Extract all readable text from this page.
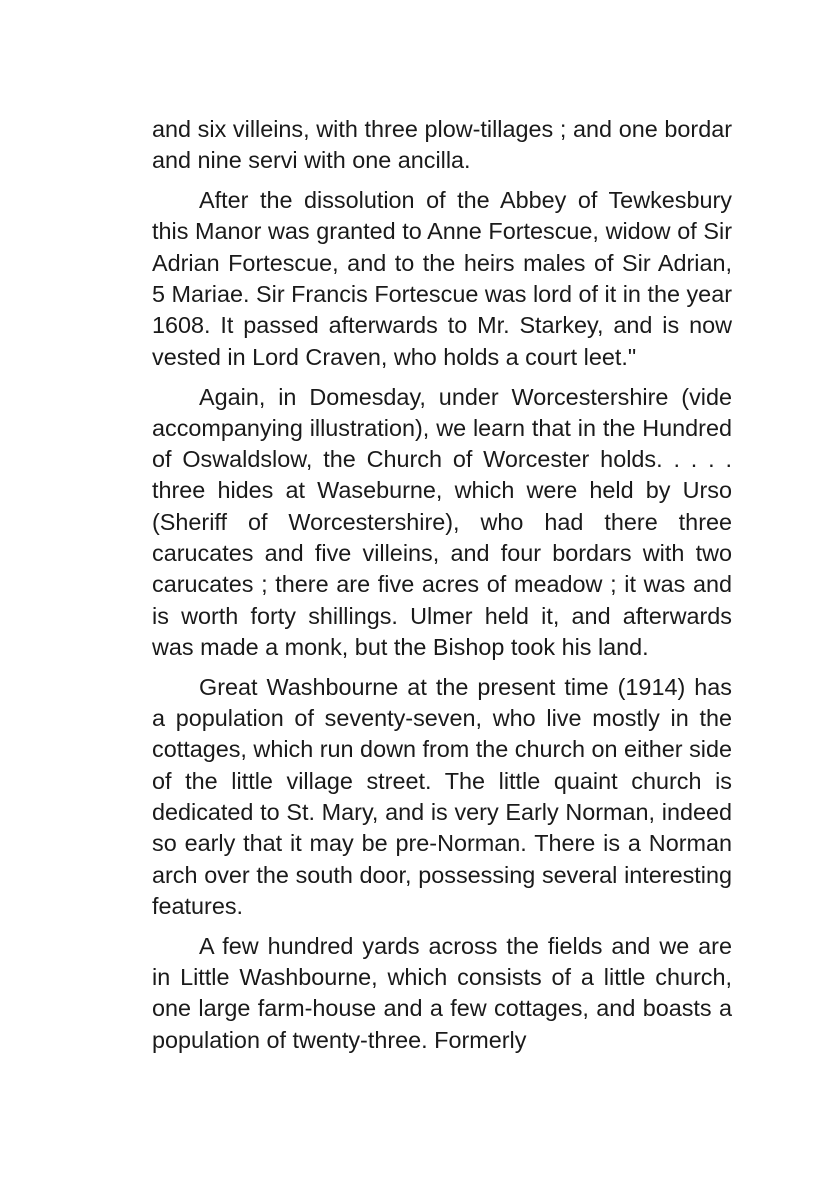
and six villeins, with three plow-tillages ; and one bordar and nine servi with one ancilla.

After the dissolution of the Abbey of Tewkesbury this Manor was granted to Anne Fortescue, widow of Sir Adrian Fortescue, and to the heirs males of Sir Adrian, 5 Mariae. Sir Francis Fortescue was lord of it in the year 1608. It passed afterwards to Mr. Starkey, and is now vested in Lord Craven, who holds a court leet."

Again, in Domesday, under Worcestershire (vide accompanying illustration), we learn that in the Hundred of Oswaldslow, the Church of Worcester holds. . . . . three hides at Waseburne, which were held by Urso (Sheriff of Worcestershire), who had there three carucates and five villeins, and four bordars with two carucates ; there are five acres of meadow ; it was and is worth forty shillings. Ulmer held it, and afterwards was made a monk, but the Bishop took his land.

Great Washbourne at the present time (1914) has a population of seventy-seven, who live mostly in the cottages, which run down from the church on either side of the little village street. The little quaint church is dedicated to St. Mary, and is very Early Norman, indeed so early that it may be pre-Norman. There is a Norman arch over the south door, possessing several interesting features.

A few hundred yards across the fields and we are in Little Washbourne, which consists of a little church, one large farm-house and a few cottages, and boasts a population of twenty-three. Formerly
